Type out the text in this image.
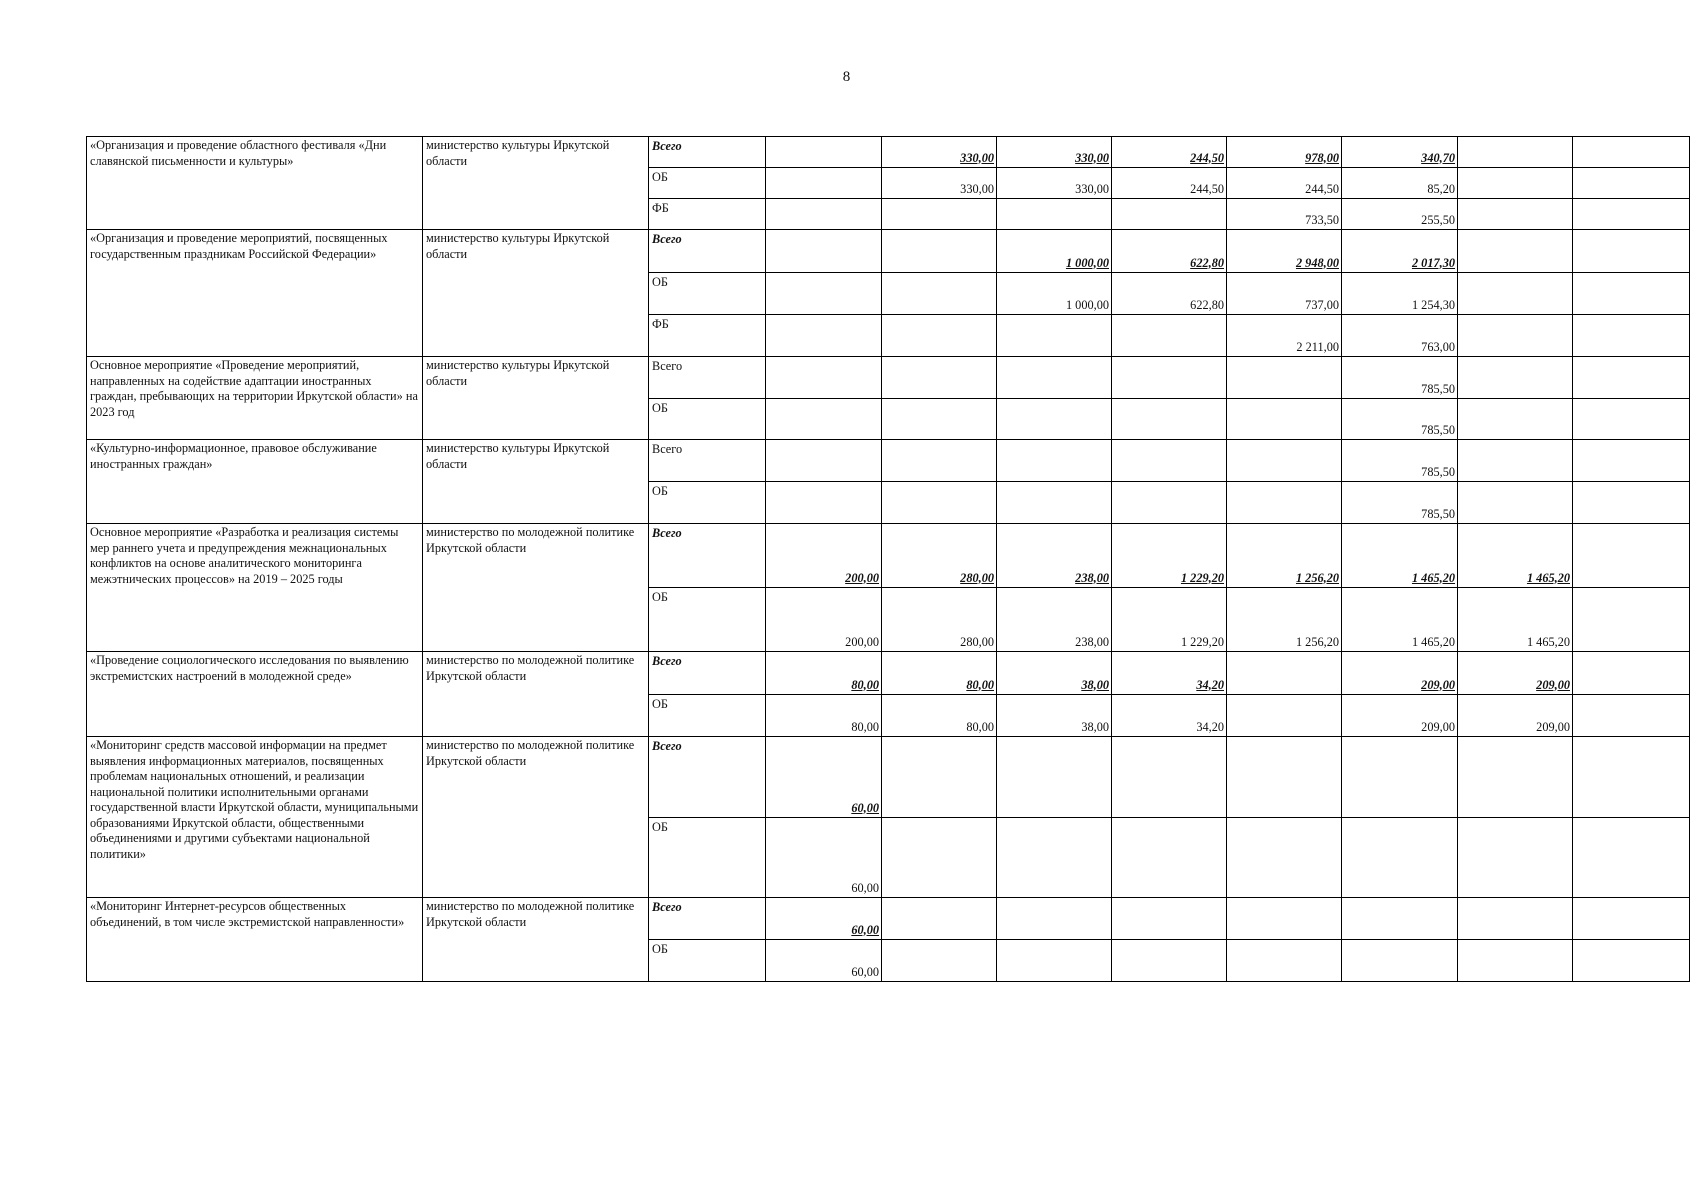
8
«Организация и проведение областного фестиваля «Дни славянской письменности и культуры»	министерство культуры Иркутской области	Всего		330,00	330,00	244,50	978,00	340,70		
		ОБ		330,00	330,00	244,50	244,50	85,20		
		ФБ					733,50	255,50		
«Организация и проведение мероприятий, посвященных государственным праздникам Российской Федерации»	министерство культуры Иркутской области	Всего			1 000,00	622,80	2 948,00	2 017,30		
		ОБ			1 000,00	622,80	737,00	1 254,30		
		ФБ					2 211,00	763,00		
Основное мероприятие «Проведение мероприятий, направленных на содействие адаптации иностранных граждан, пребывающих на территории Иркутской области» на 2023 год	министерство культуры Иркутской области	Всего						785,50		
		ОБ						785,50		
«Культурно-информационное, правовое обслуживание иностранных граждан»	министерство культуры Иркутской области	Всего						785,50		
		ОБ						785,50		
Основное мероприятие «Разработка и реализация системы мер раннего учета и предупреждения межнациональных конфликтов на основе аналитического мониторинга межэтнических процессов» на 2019 – 2025 годы	министерство по молодежной политике Иркутской области	Всего	200,00	280,00	238,00	1 229,20	1 256,20	1 465,20	1 465,20	
		ОБ	200,00	280,00	238,00	1 229,20	1 256,20	1 465,20	1 465,20	
«Проведение социологического исследования по выявлению экстремистских настроений в молодежной среде»	министерство по молодежной политике Иркутской области	Всего	80,00	80,00	38,00	34,20		209,00	209,00	
		ОБ	80,00	80,00	38,00	34,20		209,00	209,00	
«Мониторинг средств массовой информации на предмет выявления информационных материалов, посвященных проблемам национальных отношений, и реализации национальной политики исполнительными органами государственной власти Иркутской области, муниципальными образованиями Иркутской области, общественными объединениями и другими субъектами национальной политики»	министерство по молодежной политике Иркутской области	Всего	60,00							
		ОБ	60,00							
«Мониторинг Интернет-ресурсов общественных объединений, в том числе экстремистской направленности»	министерство по молодежной политике Иркутской области	Всего	60,00							
		ОБ	60,00							
